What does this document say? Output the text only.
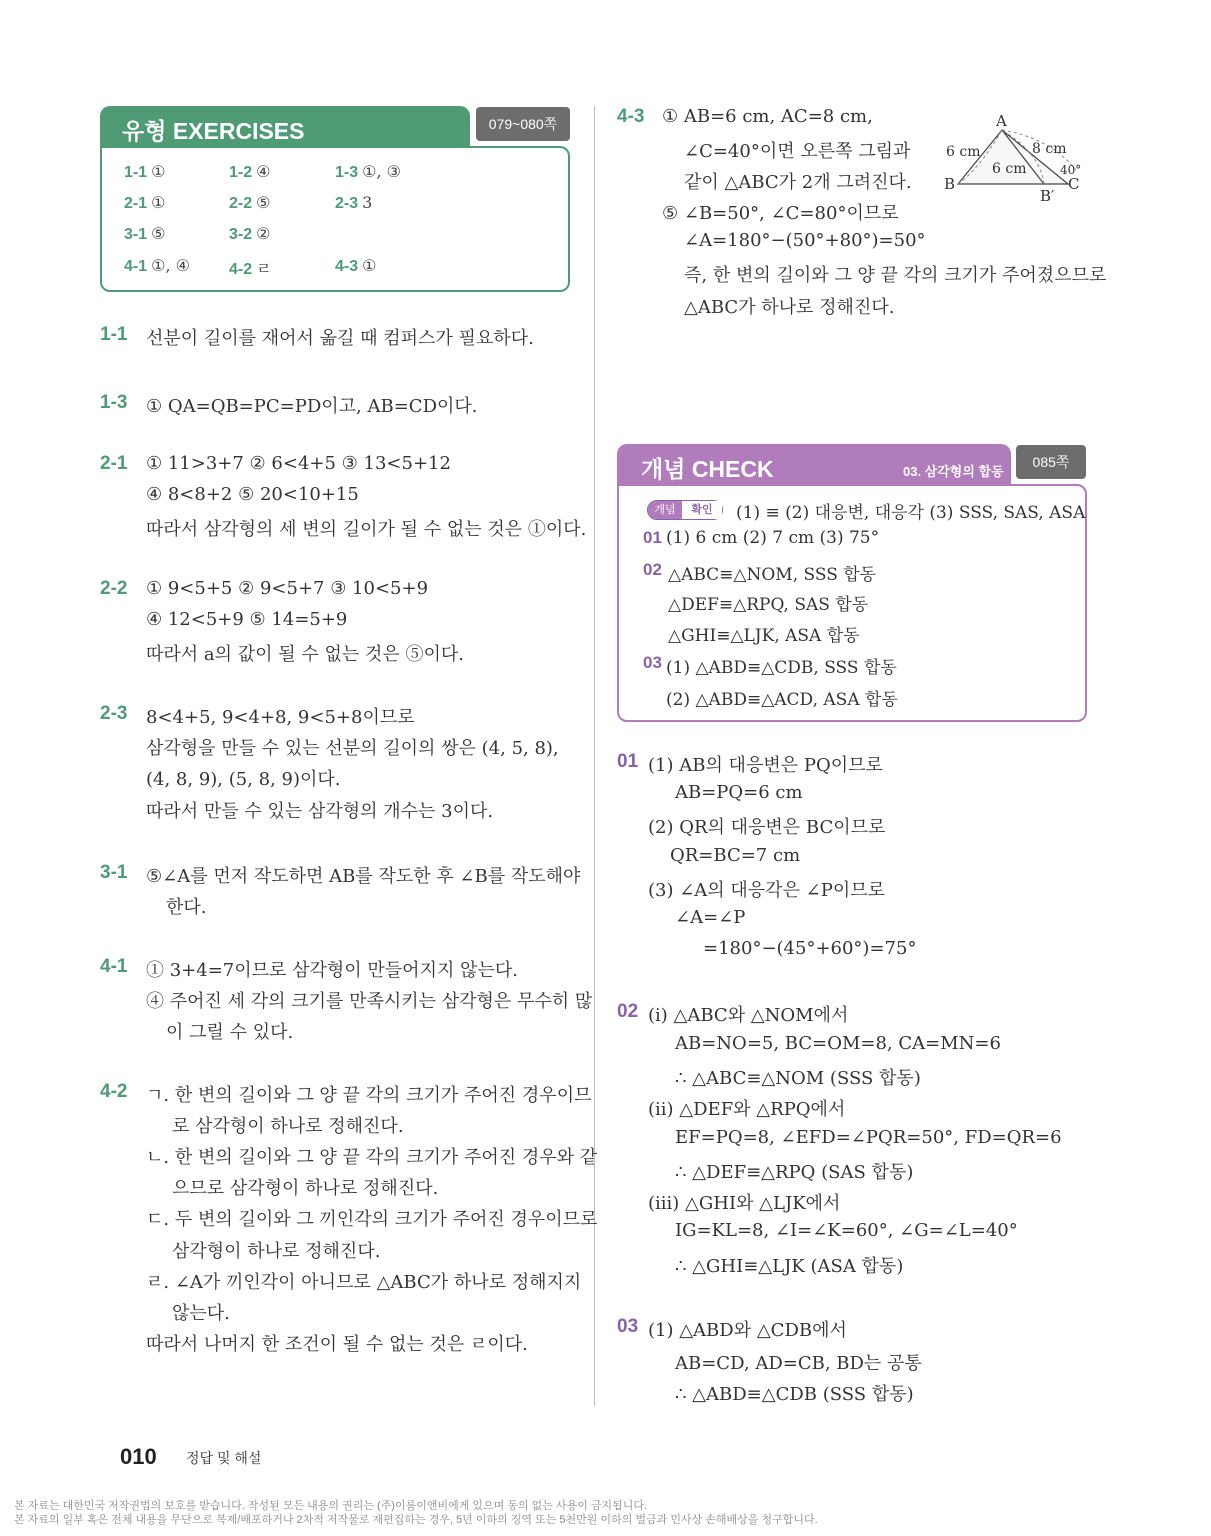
유형 EXERCISES	079~080쪽
1-1 ①	1-2 ④	1-3 ①, ③
2-1 ①	2-2 ⑤	2-3 3
3-1 ⑤	3-2 ②
4-1 ①, ④ 4-2 ㄹ	4-3 ①
1-1 선분이 길이를 재어서 옮길 때 컴퍼스가 필요하다.
1-3 ① QA=QB=PC=PD이고, AB=CD이다.
2-1 ① 11>3+7 ② 6<4+5 ③ 13<5+12
④ 8<8+2 ⑤ 20<10+15
따라서 삼각형의 세 변의 길이가 될 수 없는 것은 ①이다.
2-2 ① 9<5+5 ② 9<5+7 ③ 10<5+9
④ 12<5+9 ⑤ 14=5+9
따라서 a의 값이 될 수 없는 것은 ⑤이다.
2-3 8<4+5, 9<4+8, 9<5+8이므로
삼각형을 만들 수 있는 선분의 길이의 쌍은 (4, 5, 8),
(4, 8, 9), (5, 8, 9)이다.
따라서 만들 수 있는 삼각형의 개수는 3이다.
3-1 ⑤∠A를 먼저 작도하면 AB를 작도한 후 ∠B를 작도해야
한다.
4-1 ① 3+4=7이므로 삼각형이 만들어지지 않는다.
④ 주어진 세 각의 크기를 만족시키는 삼각형은 무수히 많
이 그릴 수 있다.
4-2 ㄱ. 한 변의 길이와 그 양 끝 각의 크기가 주어진 경우이므
로 삼각형이 하나로 정해진다.
ㄴ. 한 변의 길이와 그 양 끝 각의 크기가 주어진 경우와 같
으므로 삼각형이 하나로 정해진다.
ㄷ. 두 변의 길이와 그 끼인각의 크기가 주어진 경우이므로
삼각형이 하나로 정해진다.
ㄹ. ∠A가 끼인각이 아니므로 △ABC가 하나로 정해지지
않는다.
따라서 나머지 한 조건이 될 수 없는 것은 ㄹ이다.
4-3 ① AB=6 cm, AC=8 cm,
∠C=40°이면 오른쪽 그림과
같이 △ABC가 2개 그려진다.
⑤ ∠B=50°, ∠C=80°이므로
∠A=180°−(50°+80°)=50°
즉, 한 변의 길이와 그 양 끝 각의 크기가 주어졌으므로
△ABC가 하나로 정해진다.
A
B	C
B′
6 cm
6 cm
8 cm
40°
개념 CHECK	03. 삼각형의 합동
085쪽
개념	확인	(1) ≡ (2) 대응변, 대응각 (3) SSS, SAS, ASA
01 (1) 6 cm (2) 7 cm (3) 75°
02 △ABC≡△NOM, SSS 합동
△DEF≡△RPQ, SAS 합동
△GHI≡△LJK, ASA 합동
03 (1) △ABD≡△CDB, SSS 합동
(2) △ABD≡△ACD, ASA 합동
01 (1) AB의 대응변은 PQ이므로
AB=PQ=6 cm
(2) QR의 대응변은 BC이므로
QR=BC=7 cm
(3) ∠A의 대응각은 ∠P이므로
∠A=∠P
=180°−(45°+60°)=75°
02 (ⅰ) △ABC와 △NOM에서
AB=NO=5, BC=OM=8, CA=MN=6
∴ △ABC≡△NOM (SSS 합동)
(ⅱ) △DEF와 △RPQ에서
EF=PQ=8, ∠EFD=∠PQR=50°, FD=QR=6
∴ △DEF≡△RPQ (SAS 합동)
(ⅲ) △GHI와 △LJK에서
IG=KL=8, ∠I=∠K=60°, ∠G=∠L=40°
∴ △GHI≡△LJK (ASA 합동)
03 (1) △ABD와 △CDB에서
AB=CD, AD=CB, BD는 공통
∴ △ABD≡△CDB (SSS 합동)
010 정답 및 해설
본 자료는 대한민국 저작권법의 보호를 받습니다. 작성된 모든 내용의 권리는 (주)이룸이앤비에게 있으며 동의 없는 사용이 금지됩니다.
본 자료의 일부 혹은 전체 내용을 무단으로 복제/배포하거나 2차적 저작물로 재편집하는 경우, 5년 이하의 징역 또는 5천만원 이하의 벌금과 민사상 손해배상을 청구합니다.
